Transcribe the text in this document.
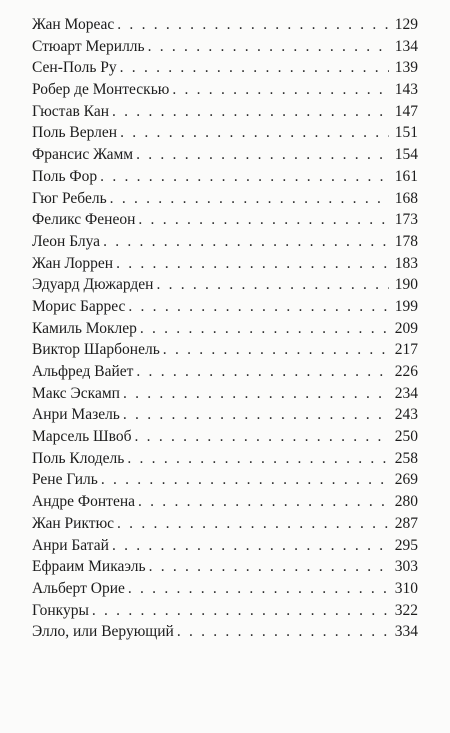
Жан Мореас . . .	129
Стюарт Мерилль . . .	134
Сен-Поль Ру . . .	139
Робер де Монтескью . . .	143
Гюстав Кан . . .	147
Поль Верлен . . .	151
Франсис Жамм . . .	154
Поль Фор . . .	161
Гюг Ребель . . .	168
Феликс Фенеон . . .	173
Леон Блуа . . .	178
Жан Лоррен . . .	183
Эдуард Дюжарден . . .	190
Морис Баррес . . .	199
Камиль Моклер . . .	209
Виктор Шарбонель . . .	217
Альфред Вайет . . .	226
Макс Эскамп . . .	234
Анри Мазель . . .	243
Марсель Швоб . . .	250
Поль Клодель . . .	258
Рене Гиль . . .	269
Андре Фонтена . . .	280
Жан Риктюс . . .	287
Анри Батай . . .	295
Ефраим Микаэль . . .	303
Альберт Орие . . .	310
Гонкуры . . .	322
Элло, или Верующий . . .	334
